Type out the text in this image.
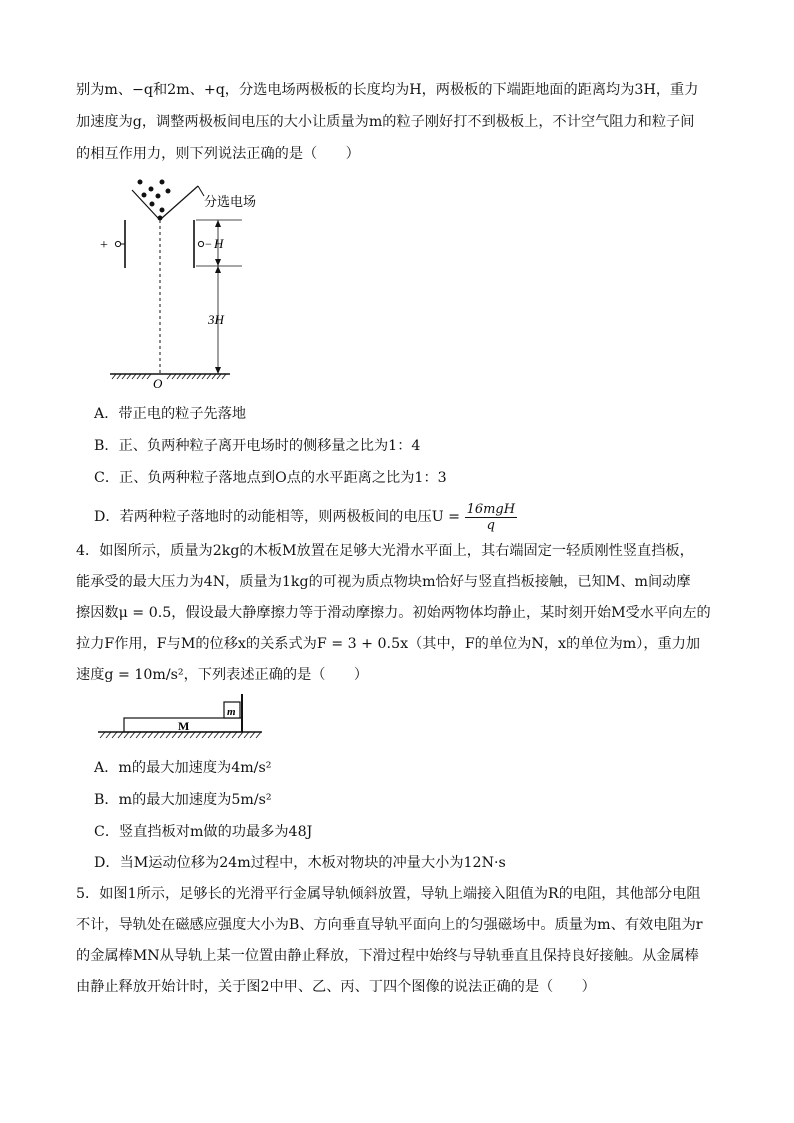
别为m、−q和2m、+q，分选电场两极板的长度均为H，两极板的下端距地面的距离均为3H，重力
加速度为g，调整两极板间电压的大小让质量为m的粒子刚好打不到极板上，不计空气阻力和粒子间
的相互作用力，则下列说法正确的是（　　）
分选电场
+	− H
3H
O
A．带正电的粒子先落地
B．正、负两种粒子离开电场时的侧移量之比为1：4
C．正、负两种粒子落地点到O点的水平距离之比为1：3
D．若两种粒子落地时的动能相等，则两极板间的电压$U = \frac{\text{16mgH}}{q}$
4．如图所示，质量为2kg的木板M放置在足够大光滑水平面上，其右端固定一轻质刚性竖直挡板，
能承受的最大压力为4N，质量为1kg的可视为质点物块m恰好与竖直挡板接触，已知M、m间动摩
擦因数μ = 0.5，假设最大静摩擦力等于滑动摩擦力。初始两物体均静止，某时刻开始M受水平向左的
拉力F作用，F与M的位移x的关系式为F = 3 + 0.5x（其中，F的单位为N，x的单位为m），重力加
速度g = 10m/s²，下列表述正确的是（　　）
M
m
A．m的最大加速度为4m/s²
B．m的最大加速度为5m/s²
C．竖直挡板对m做的功最多为48J
D．当M运动位移为24m过程中，木板对物块的冲量大小为12N·s
5．如图1所示，足够长的光滑平行金属导轨倾斜放置，导轨上端接入阻值为R的电阻，其他部分电阻
不计，导轨处在磁感应强度大小为B、方向垂直导轨平面向上的匀强磁场中。质量为m、有效电阻为r
的金属棒MN从导轨上某一位置由静止释放，下滑过程中始终与导轨垂直且保持良好接触。从金属棒
由静止释放开始计时，关于图2中甲、乙、丙、丁四个图像的说法正确的是（　　）
